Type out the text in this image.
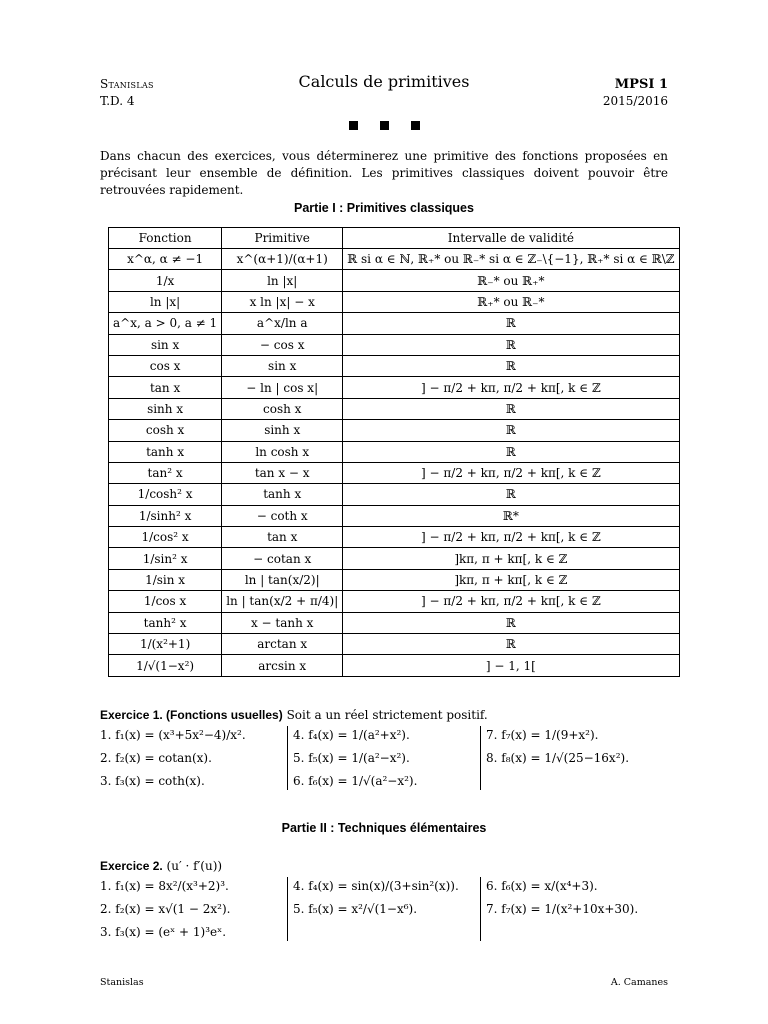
Stanislas
T.D. 4
Calculs de primitives	MPSI 1
2015/2016
Dans chacun des exercices, vous déterminerez une primitive des fonctions proposées en précisant leur ensemble de définition. Les primitives classiques doivent pouvoir être retrouvées rapidement.
Partie I : Primitives classiques
Fonction	Primitive	Intervalle de validité
x^α, α ≠ −1	x^(α+1)/(α+1)	ℝ si α ∈ ℕ, ℝ₊* ou ℝ₋* si α ∈ ℤ₋\{−1}, ℝ₊* si α ∈ ℝ\ℤ
1/x	ln |x|	ℝ₋* ou ℝ₊*
ln |x|	x ln |x| − x	ℝ₊* ou ℝ₋*
a^x, a > 0, a ≠ 1	a^x/ln a	ℝ
sin x	− cos x	ℝ
cos x	sin x	ℝ
tan x	− ln | cos x|	] − π/2 + kπ, π/2 + kπ[, k ∈ ℤ
sinh x	cosh x	ℝ
cosh x	sinh x	ℝ
tanh x	ln cosh x	ℝ
tan² x	tan x − x	] − π/2 + kπ, π/2 + kπ[, k ∈ ℤ
1/cosh² x	tanh x	ℝ
1/sinh² x	− coth x	ℝ*
1/cos² x	tan x	] − π/2 + kπ, π/2 + kπ[, k ∈ ℤ
1/sin² x	− cotan x	]kπ, π + kπ[, k ∈ ℤ
1/sin x	ln | tan(x/2)|	]kπ, π + kπ[, k ∈ ℤ
1/cos x	ln | tan(x/2 + π/4)|	] − π/2 + kπ, π/2 + kπ[, k ∈ ℤ
tanh² x	x − tanh x	ℝ
1/(x²+1)	arctan x	ℝ
1/√(1−x²)	arcsin x	] − 1, 1[
Exercice 1. (Fonctions usuelles) Soit a un réel strictement positif.
1. f₁(x) = (x³+5x²−4)/x².
2. f₂(x) = cotan(x).
3. f₃(x) = coth(x).
4. f₄(x) = 1/(a²+x²).
5. f₅(x) = 1/(a²−x²).
6. f₆(x) = 1/√(a²−x²).
7. f₇(x) = 1/(9+x²).
8. f₈(x) = 1/√(25−16x²).
Partie II : Techniques élémentaires
Exercice 2. (u′ · f′(u))
1. f₁(x) = 8x²/(x³+2)³.
2. f₂(x) = x√(1 − 2x²).
3. f₃(x) = (eˣ + 1)³eˣ.
4. f₄(x) = sin(x)/(3+sin²(x)).
5. f₅(x) = x²/√(1−x⁶).
6. f₆(x) = x/(x⁴+3).
7. f₇(x) = 1/(x²+10x+30).
Stanislas	A. Camanes
